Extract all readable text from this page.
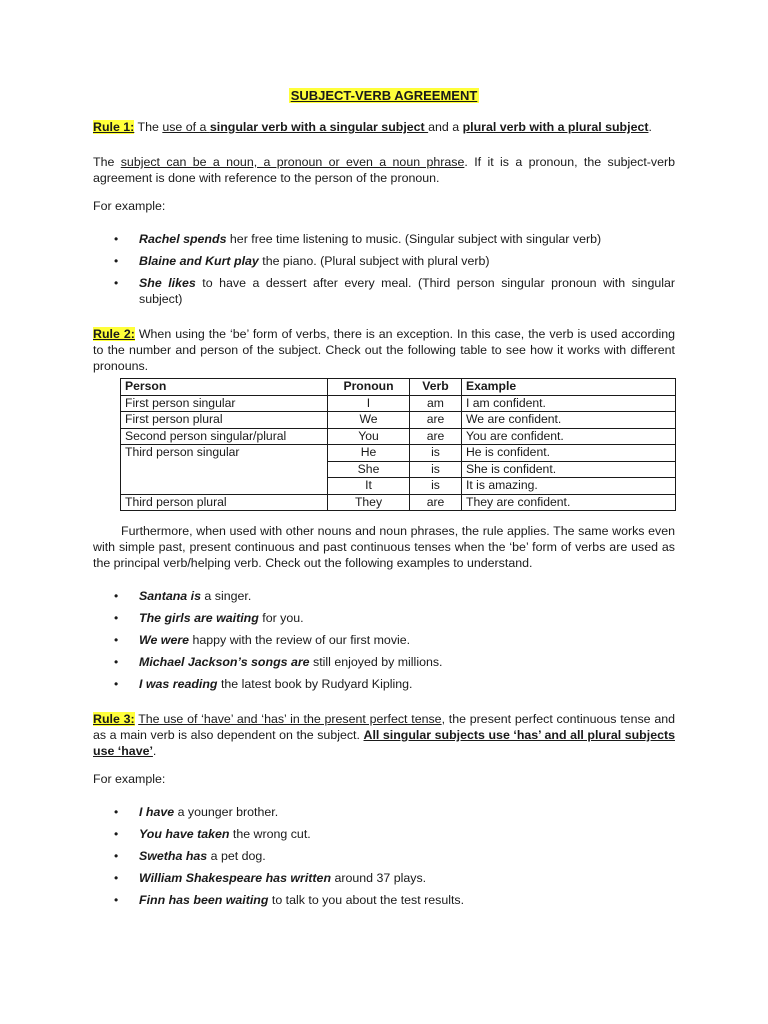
SUBJECT-VERB AGREEMENT

Rule 1: The use of a singular verb with a singular subject and a plural verb with a plural subject.

The subject can be a noun, a pronoun or even a noun phrase. If it is a pronoun, the subject-verb agreement is done with reference to the person of the pronoun.

For example:

• Rachel spends her free time listening to music. (Singular subject with singular verb)
• Blaine and Kurt play the piano. (Plural subject with plural verb)
• She likes to have a dessert after every meal. (Third person singular pronoun with singular subject)

Rule 2: When using the ‘be’ form of verbs, there is an exception. In this case, the verb is used according to the number and person of the subject. Check out the following table to see how it works with different pronouns.

Person	Pronoun	Verb	Example
First person singular	I	am	I am confident.
First person plural	We	are	We are confident.
Second person singular/plural	You	are	You are confident.
Third person singular	He	is	He is confident.
	She	is	She is confident.
	It	is	It is amazing.
Third person plural	They	are	They are confident.

Furthermore, when used with other nouns and noun phrases, the rule applies. The same works even with simple past, present continuous and past continuous tenses when the ‘be’ form of verbs are used as the principal verb/helping verb. Check out the following examples to understand.

• Santana is a singer.
• The girls are waiting for you.
• We were happy with the review of our first movie.
• Michael Jackson’s songs are still enjoyed by millions.
• I was reading the latest book by Rudyard Kipling.

Rule 3: The use of ‘have’ and ‘has’ in the present perfect tense, the present perfect continuous tense and as a main verb is also dependent on the subject. All singular subjects use ‘has’ and all plural subjects use ‘have’.

For example:

• I have a younger brother.
• You have taken the wrong cut.
• Swetha has a pet dog.
• William Shakespeare has written around 37 plays.
• Finn has been waiting to talk to you about the test results.
